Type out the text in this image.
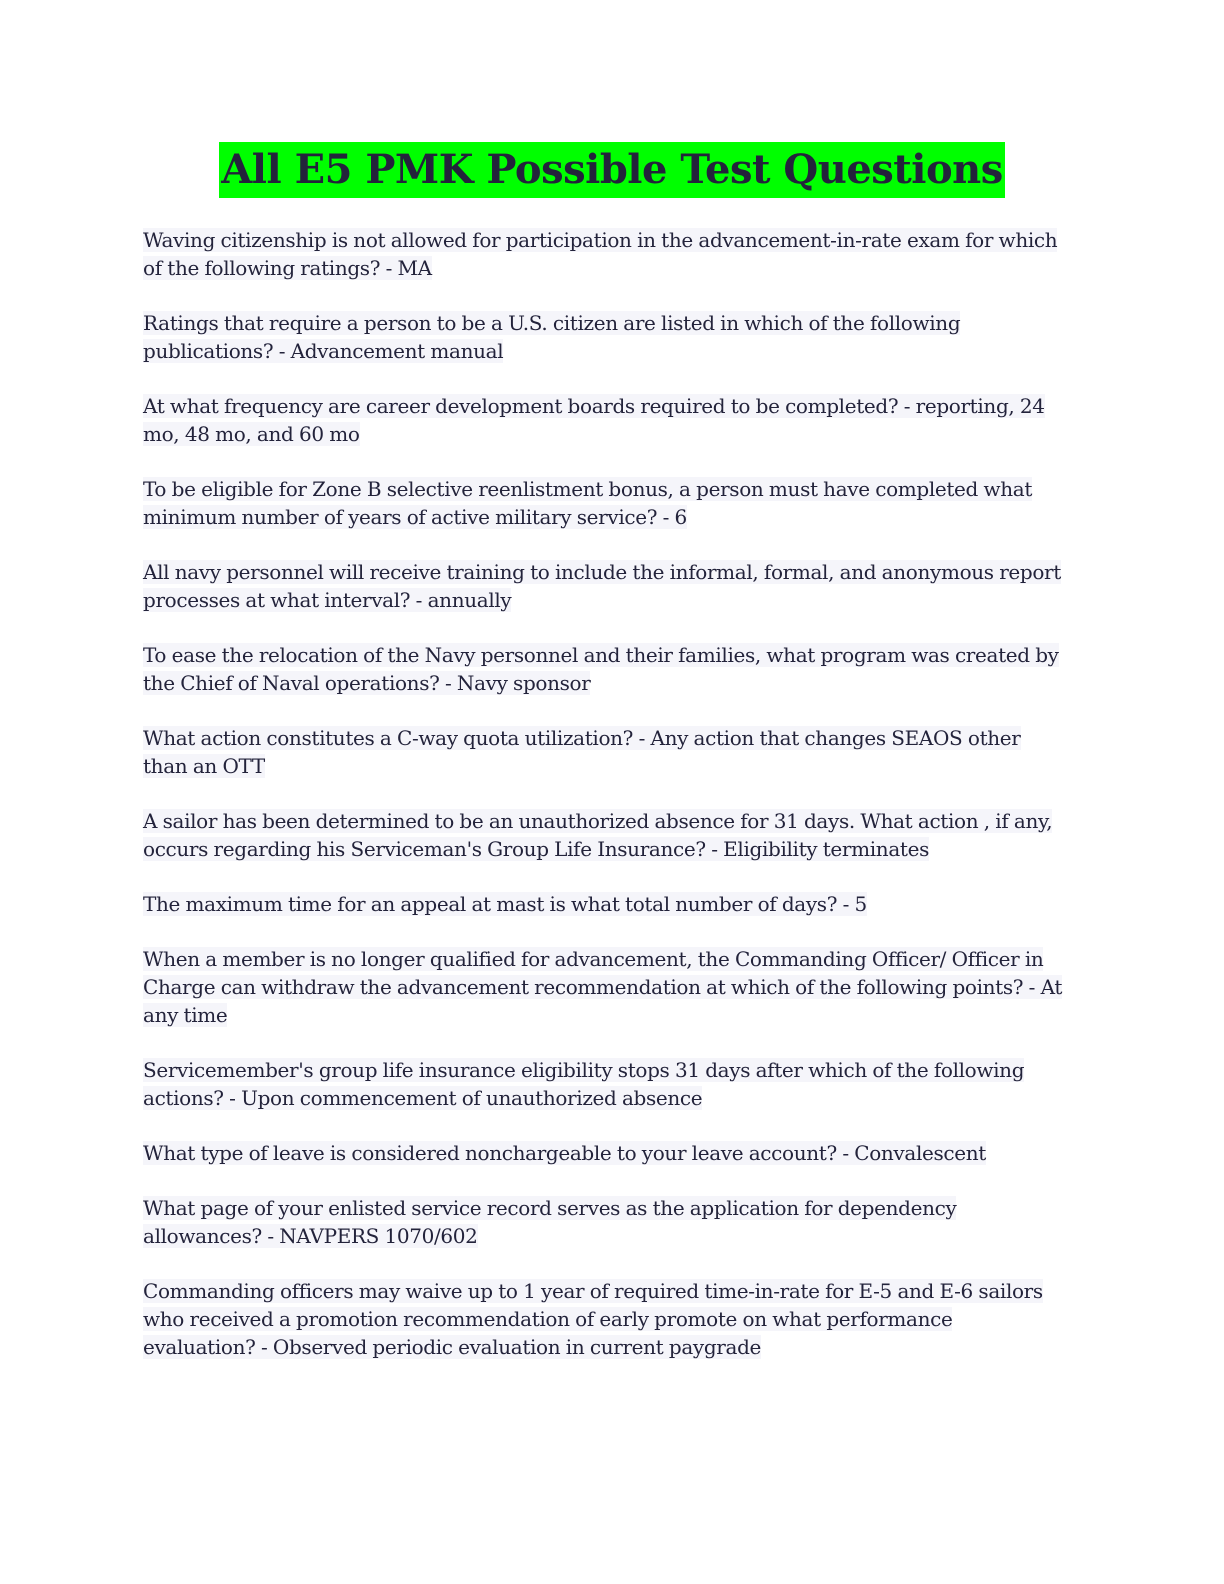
All E5 PMK Possible Test Questions

Waving citizenship is not allowed for participation in the advancement-in-rate exam for which of the following ratings? - MA

Ratings that require a person to be a U.S. citizen are listed in which of the following publications? - Advancement manual

At what frequency are career development boards required to be completed? - reporting, 24 mo, 48 mo, and 60 mo

To be eligible for Zone B selective reenlistment bonus, a person must have completed what minimum number of years of active military service? - 6

All navy personnel will receive training to include the informal, formal, and anonymous report processes at what interval? - annually

To ease the relocation of the Navy personnel and their families, what program was created by the Chief of Naval operations? - Navy sponsor

What action constitutes a C-way quota utilization? - Any action that changes SEAOS other than an OTT

A sailor has been determined to be an unauthorized absence for 31 days. What action , if any, occurs regarding his Serviceman's Group Life Insurance? - Eligibility terminates

The maximum time for an appeal at mast is what total number of days? - 5

When a member is no longer qualified for advancement, the Commanding Officer/ Officer in Charge can withdraw the advancement recommendation at which of the following points? - At any time

Servicemember's group life insurance eligibility stops 31 days after which of the following actions? - Upon commencement of unauthorized absence

What type of leave is considered nonchargeable to your leave account? - Convalescent

What page of your enlisted service record serves as the application for dependency allowances? - NAVPERS 1070/602

Commanding officers may waive up to 1 year of required time-in-rate for E-5 and E-6 sailors who received a promotion recommendation of early promote on what performance evaluation? - Observed periodic evaluation in current paygrade
